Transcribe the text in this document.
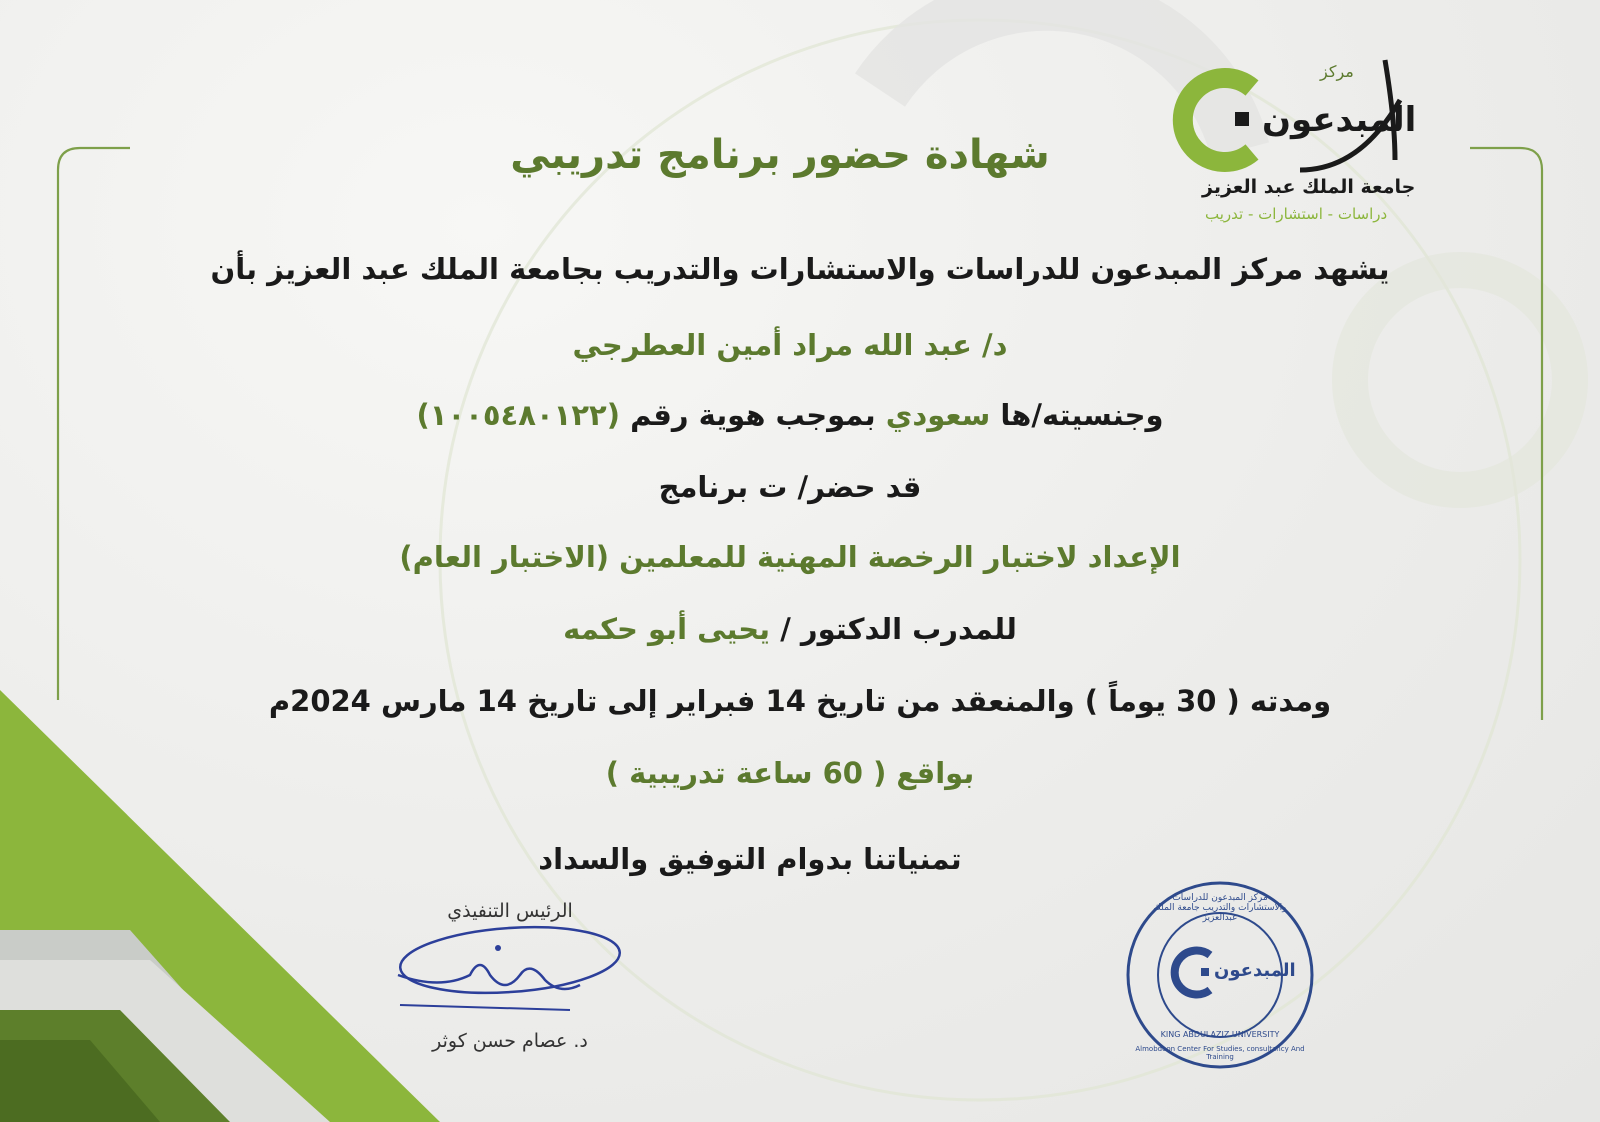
مركز
المبدعون
جامعة الملك عبد العزيز
دراسات - استشارات - تدريب
شهادة حضور برنامج تدريبي
يشهد مركز المبدعون للدراسات والاستشارات والتدريب بجامعة الملك عبد العزيز بأن
د/ عبد الله مراد أمين العطرجي
وجنسيته/ها سعودي بموجب هوية رقم (١٠٠٥٤٨٠١٢٢)
قد حضر/ ت برنامج
الإعداد لاختبار الرخصة المهنية للمعلمين (الاختبار العام)
للمدرب الدكتور / يحيى أبو حكمه
ومدته ( 30 يوماً ) والمنعقد من تاريخ 14 فبراير إلى تاريخ 14 مارس 2024م
بواقع ( 60 ساعة تدريبية )
تمنياتنا بدوام التوفيق والسداد
الرئيس التنفيذي
د. عصام حسن كوثر
المبدعون
مركز المبدعون للدراسات والاستشارات والتدريب جامعة الملك عبدالعزيز
KING ABDULAZIZ UNIVERSITY
Almobdoon Center For Studies, consultancy And Training
